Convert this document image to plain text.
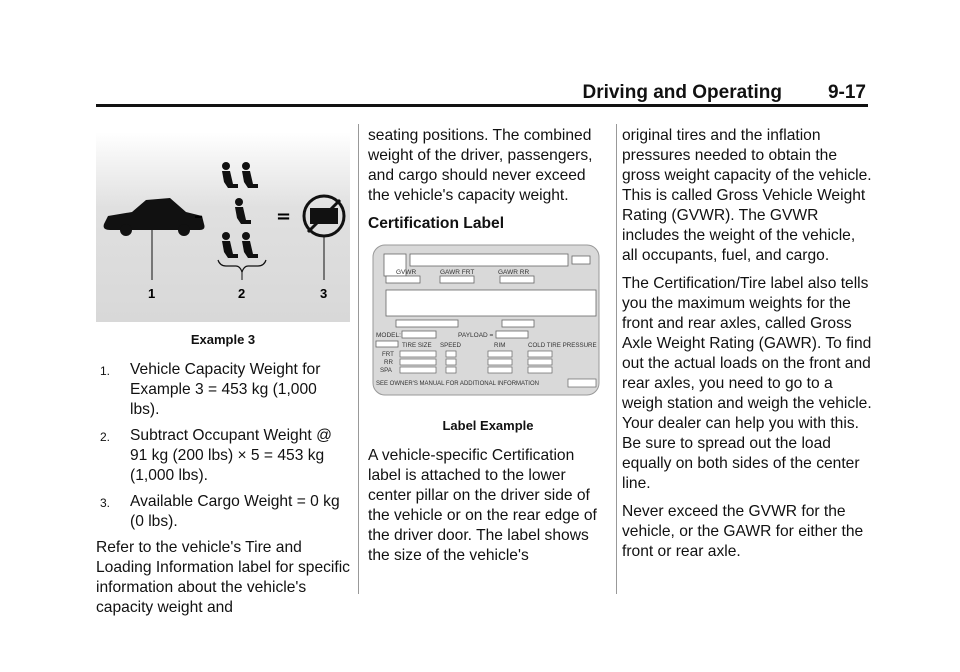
Driving and Operating 9-17
–	=
1	2	3
Example 3
1. Vehicle Capacity Weight for Example 3 = 453 kg (1,000 lbs).
2. Subtract Occupant Weight @ 91 kg (200 lbs) × 5 = 453 kg (1,000 lbs).
3. Available Cargo Weight = 0 kg (0 lbs).

Refer to the vehicle's Tire and Loading Information label for specific information about the vehicle's capacity weight and

seating positions. The combined weight of the driver, passengers, and cargo should never exceed the vehicle's capacity weight.

Certification Label
GVWR	GAWR FRT	GAWR RR
MODEL:	PAYLOAD =
TIRE SIZE SPEED	RIM	COLD TIRE PRESSURE
FRT
RR
SPA
SEE OWNER'S MANUAL FOR ADDITIONAL INFORMATION
Label Example

A vehicle-specific Certification label is attached to the lower center pillar on the driver side of the vehicle or on the rear edge of the driver door. The label shows the size of the vehicle's

original tires and the inflation pressures needed to obtain the gross weight capacity of the vehicle. This is called Gross Vehicle Weight Rating (GVWR). The GVWR includes the weight of the vehicle, all occupants, fuel, and cargo.

The Certification/Tire label also tells you the maximum weights for the front and rear axles, called Gross Axle Weight Rating (GAWR). To find out the actual loads on the front and rear axles, you need to go to a weigh station and weigh the vehicle. Your dealer can help you with this. Be sure to spread out the load equally on both sides of the center line.

Never exceed the GVWR for the vehicle, or the GAWR for either the front or rear axle.
